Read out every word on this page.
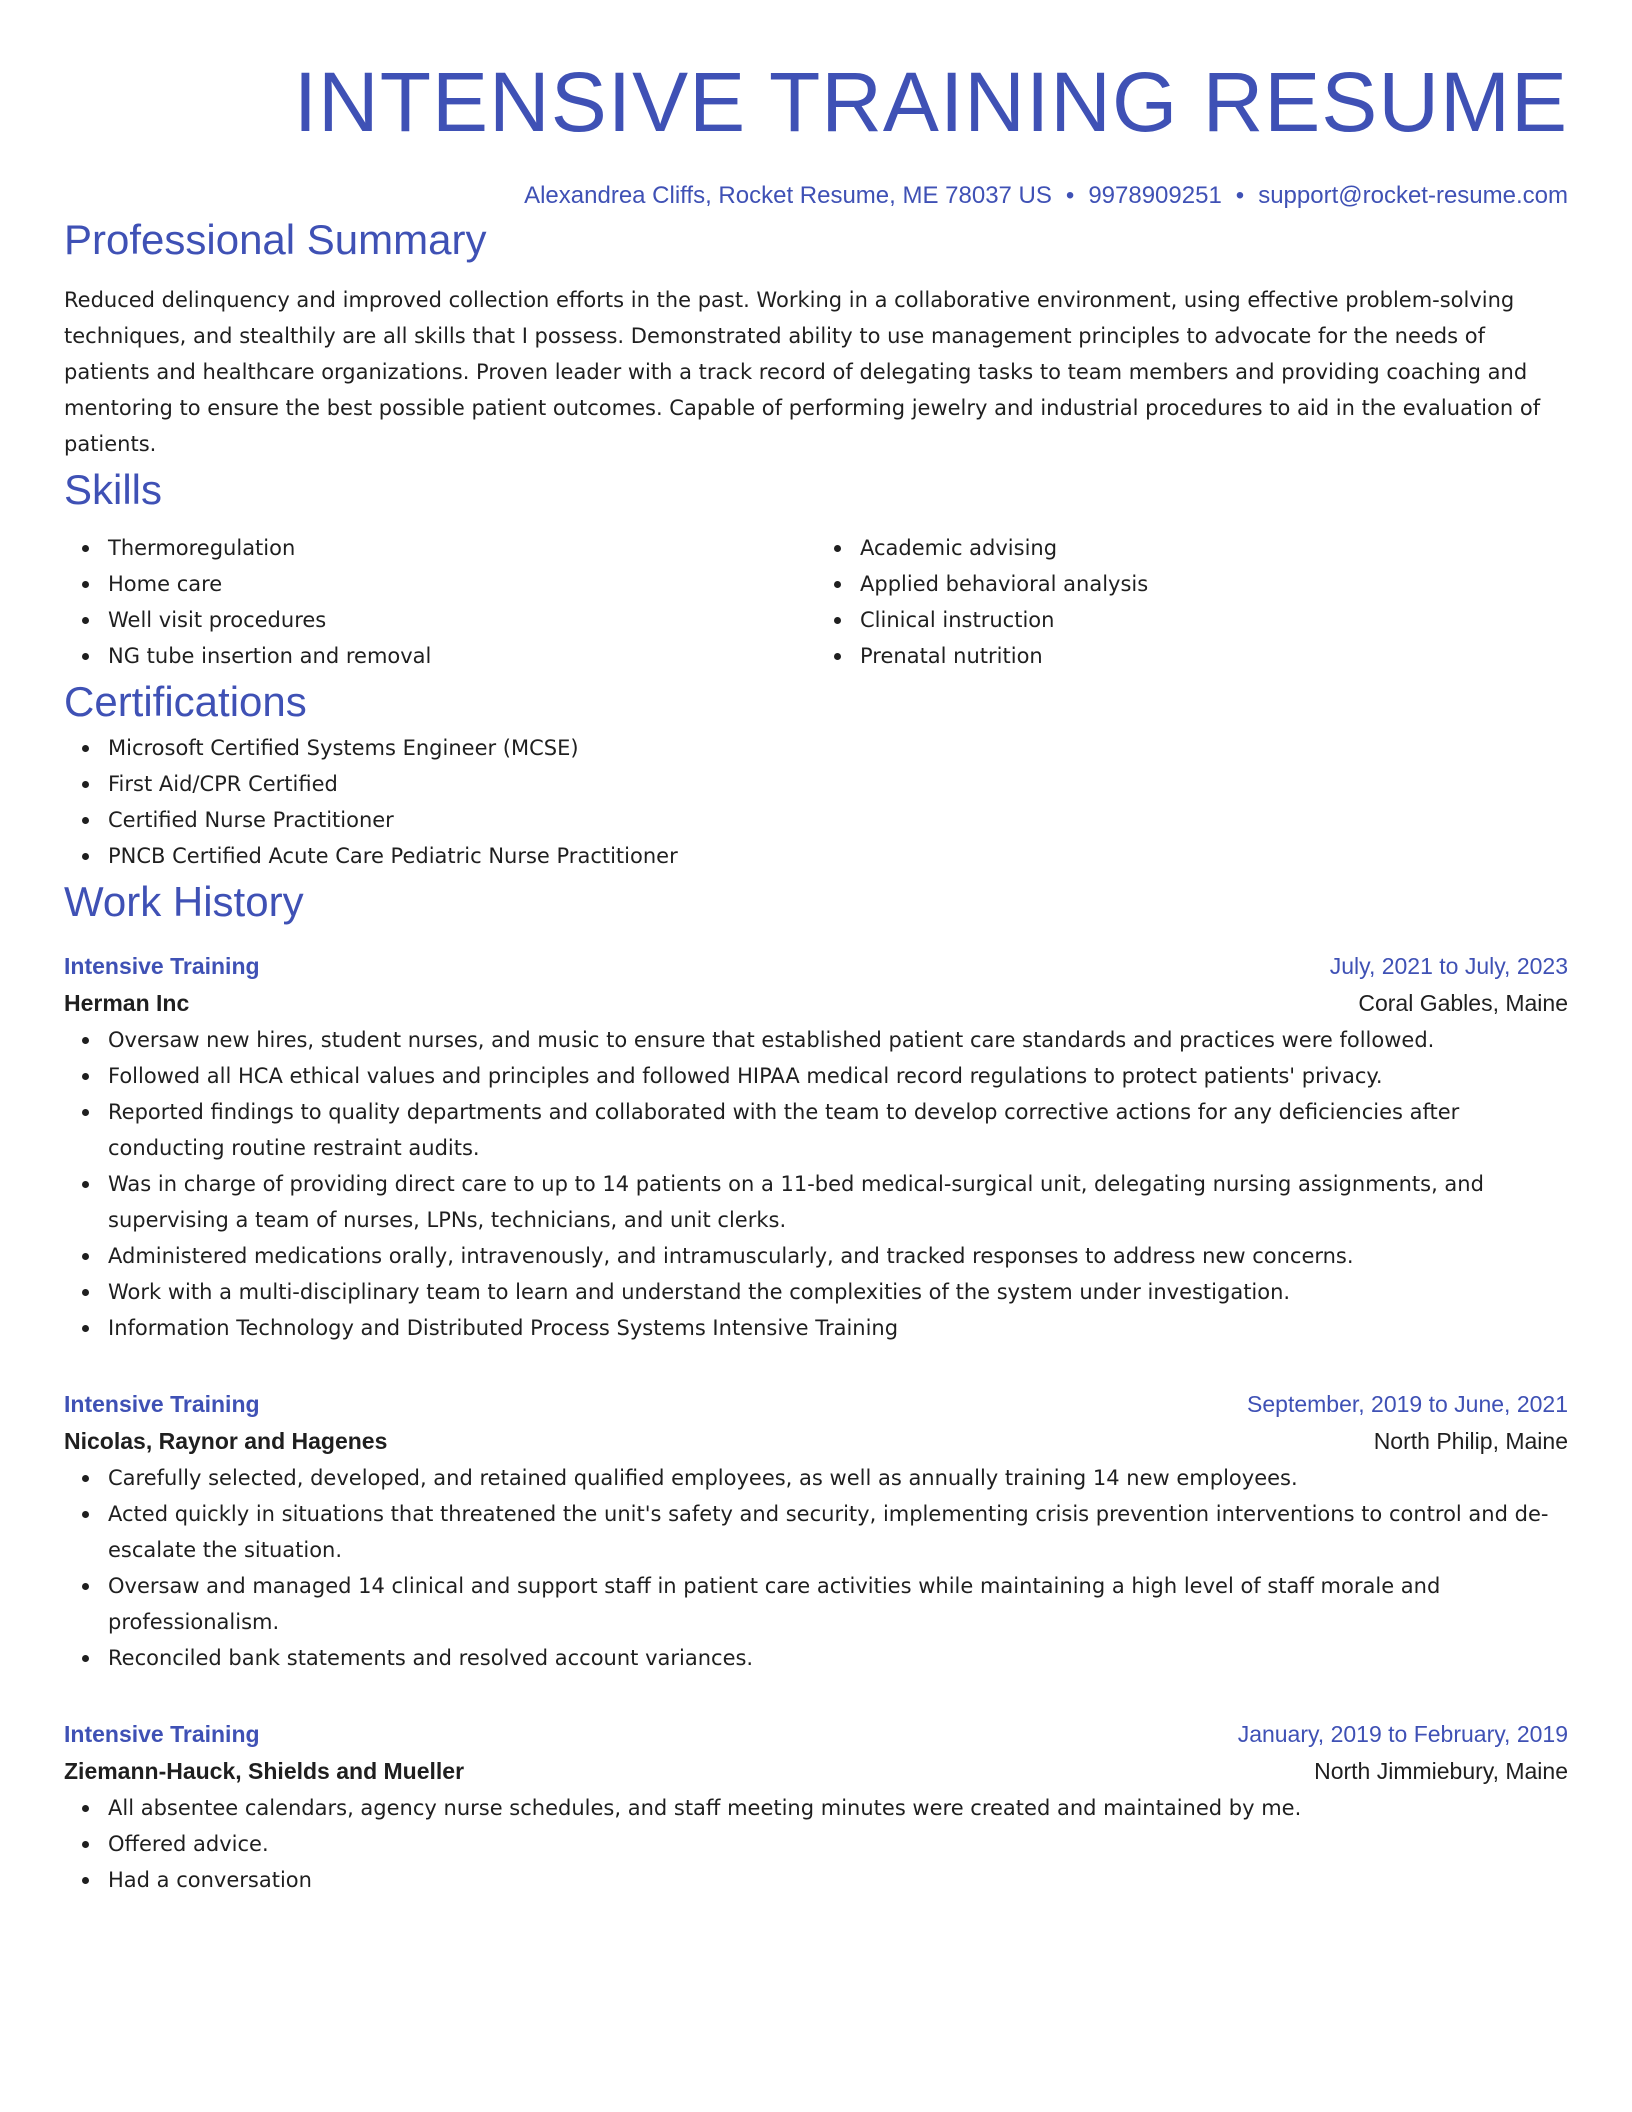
INTENSIVE TRAINING RESUME
Alexandrea Cliffs, Rocket Resume, ME 78037 US • 9978909251 • support@rocket-resume.com
Professional Summary

Reduced delinquency and improved collection efforts in the past. Working in a collaborative environment, using effective problem-solving techniques, and stealthily are all skills that I possess. Demonstrated ability to use management principles to advocate for the needs of patients and healthcare organizations. Proven leader with a track record of delegating tasks to team members and providing coaching and mentoring to ensure the best possible patient outcomes. Capable of performing jewelry and industrial procedures to aid in the evaluation of patients.

Skills
Thermoregulation
Home care
Well visit procedures
NG tube insertion and removal
Academic advising
Applied behavioral analysis
Clinical instruction
Prenatal nutrition
Certifications
Microsoft Certified Systems Engineer (MCSE)
First Aid/CPR Certified
Certified Nurse Practitioner
PNCB Certified Acute Care Pediatric Nurse Practitioner
Work History
Intensive Training	July, 2021 to July, 2023
Herman Inc	Coral Gables, Maine
Oversaw new hires, student nurses, and music to ensure that established patient care standards and practices were followed.
Followed all HCA ethical values and principles and followed HIPAA medical record regulations to protect patients' privacy.
Reported findings to quality departments and collaborated with the team to develop corrective actions for any deficiencies after conducting routine restraint audits.
Was in charge of providing direct care to up to 14 patients on a 11-bed medical-surgical unit, delegating nursing assignments, and supervising a team of nurses, LPNs, technicians, and unit clerks.
Administered medications orally, intravenously, and intramuscularly, and tracked responses to address new concerns.
Work with a multi-disciplinary team to learn and understand the complexities of the system under investigation.
Information Technology and Distributed Process Systems Intensive Training
Intensive Training	September, 2019 to June, 2021
Nicolas, Raynor and Hagenes	North Philip, Maine
Carefully selected, developed, and retained qualified employees, as well as annually training 14 new employees.
Acted quickly in situations that threatened the unit's safety and security, implementing crisis prevention interventions to control and de-escalate the situation.
Oversaw and managed 14 clinical and support staff in patient care activities while maintaining a high level of staff morale and professionalism.
Reconciled bank statements and resolved account variances.
Intensive Training	January, 2019 to February, 2019
Ziemann-Hauck, Shields and Mueller	North Jimmiebury, Maine
All absentee calendars, agency nurse schedules, and staff meeting minutes were created and maintained by me.
Offered advice.
Had a conversation
